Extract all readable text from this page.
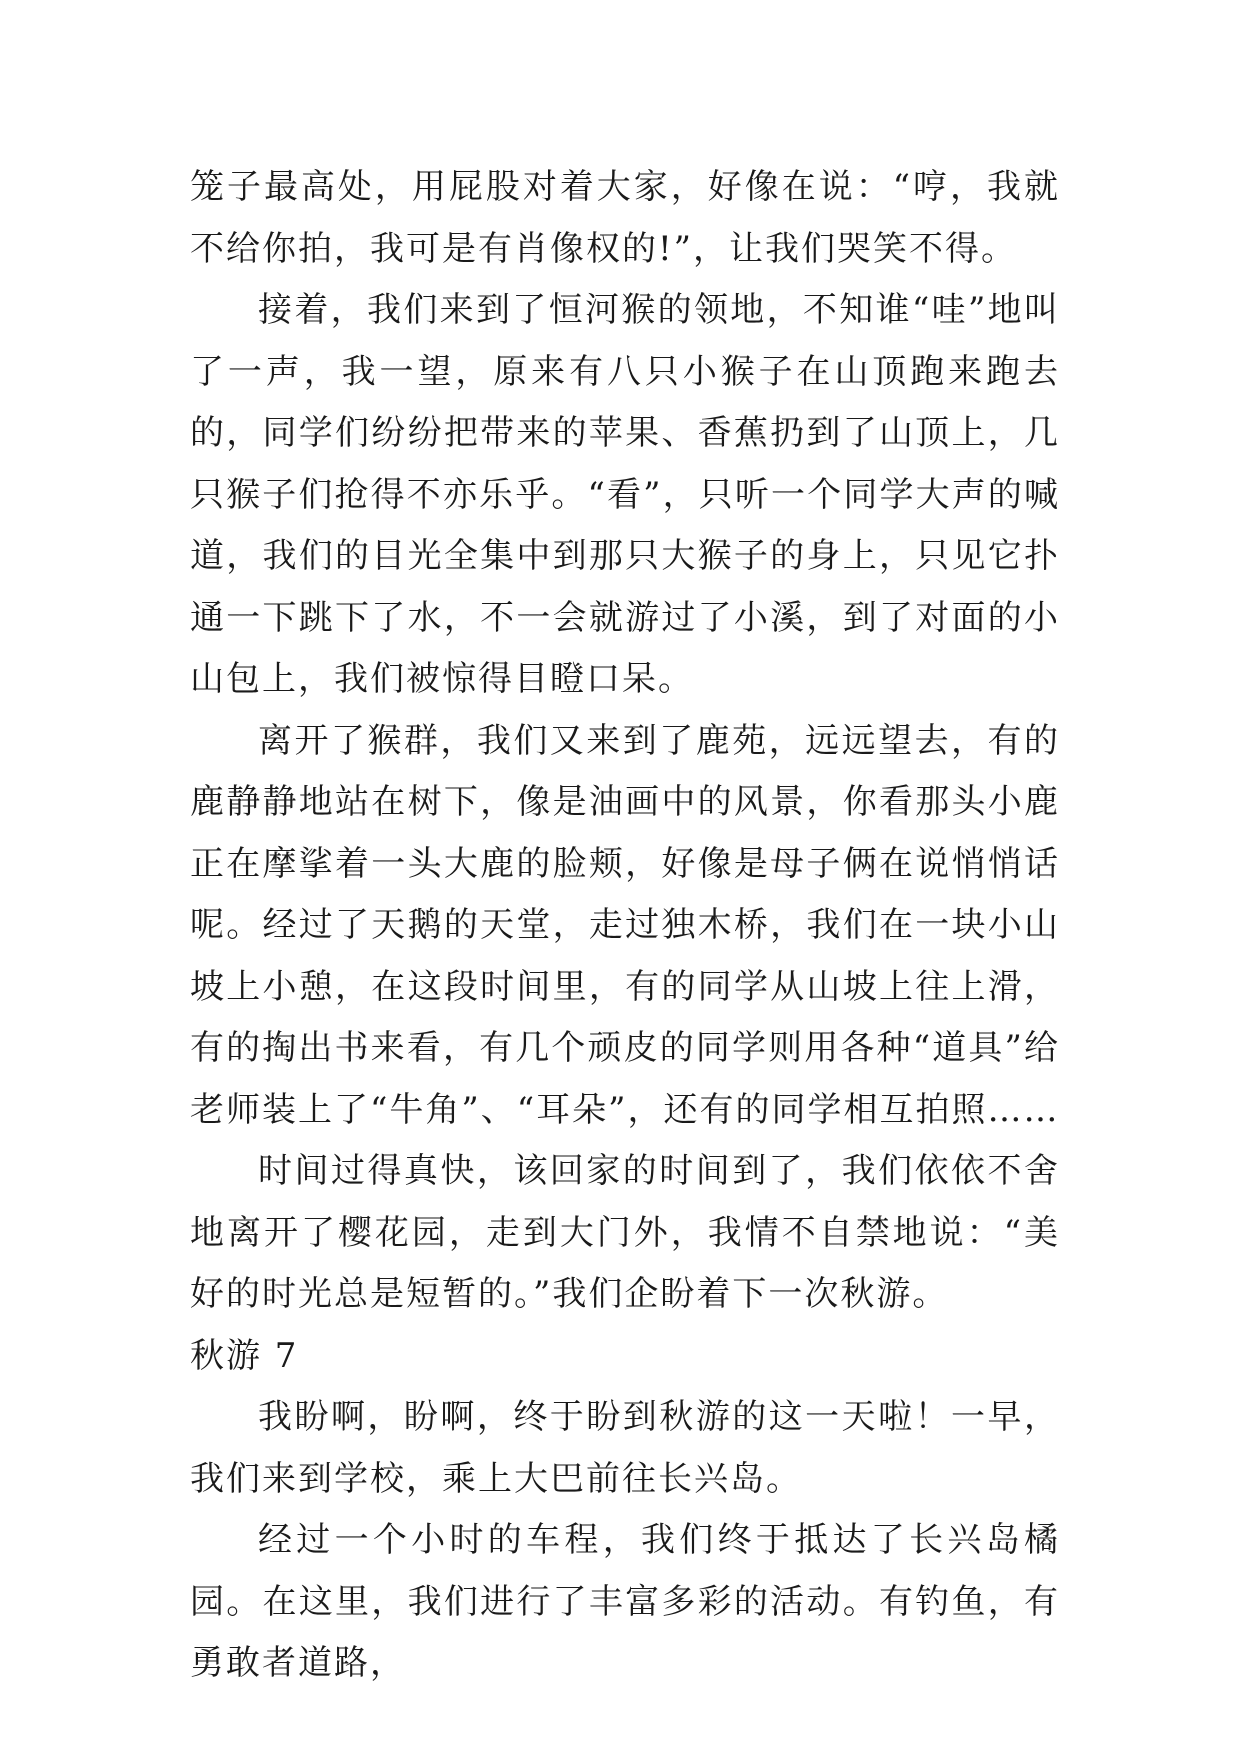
笼子最高处，用屁股对着大家，好像在说：“哼，我就不给你拍，我可是有肖像权的!”，让我们哭笑不得。

接着，我们来到了恒河猴的领地，不知谁“哇”地叫了一声，我一望，原来有八只小猴子在山顶跑来跑去的，同学们纷纷把带来的苹果、香蕉扔到了山顶上，几只猴子们抢得不亦乐乎。“看”，只听一个同学大声的喊道，我们的目光全集中到那只大猴子的身上，只见它扑通一下跳下了水，不一会就游过了小溪，到了对面的小山包上，我们被惊得目瞪口呆。

离开了猴群，我们又来到了鹿苑，远远望去，有的鹿静静地站在树下，像是油画中的风景，你看那头小鹿正在摩挲着一头大鹿的脸颊，好像是母子俩在说悄悄话呢。经过了天鹅的天堂，走过独木桥，我们在一块小山坡上小憩，在这段时间里，有的同学从山坡上往上滑，有的掏出书来看，有几个顽皮的同学则用各种“道具”给老师装上了“牛角”、“耳朵”，还有的同学相互拍照……

时间过得真快，该回家的时间到了，我们依依不舍地离开了樱花园，走到大门外，我情不自禁地说：“美好的时光总是短暂的。”我们企盼着下一次秋游。

秋游 7

我盼啊，盼啊，终于盼到秋游的这一天啦！一早，我们来到学校，乘上大巴前往长兴岛。

经过一个小时的车程，我们终于抵达了长兴岛橘园。在这里，我们进行了丰富多彩的活动。有钓鱼，有勇敢者道路，
